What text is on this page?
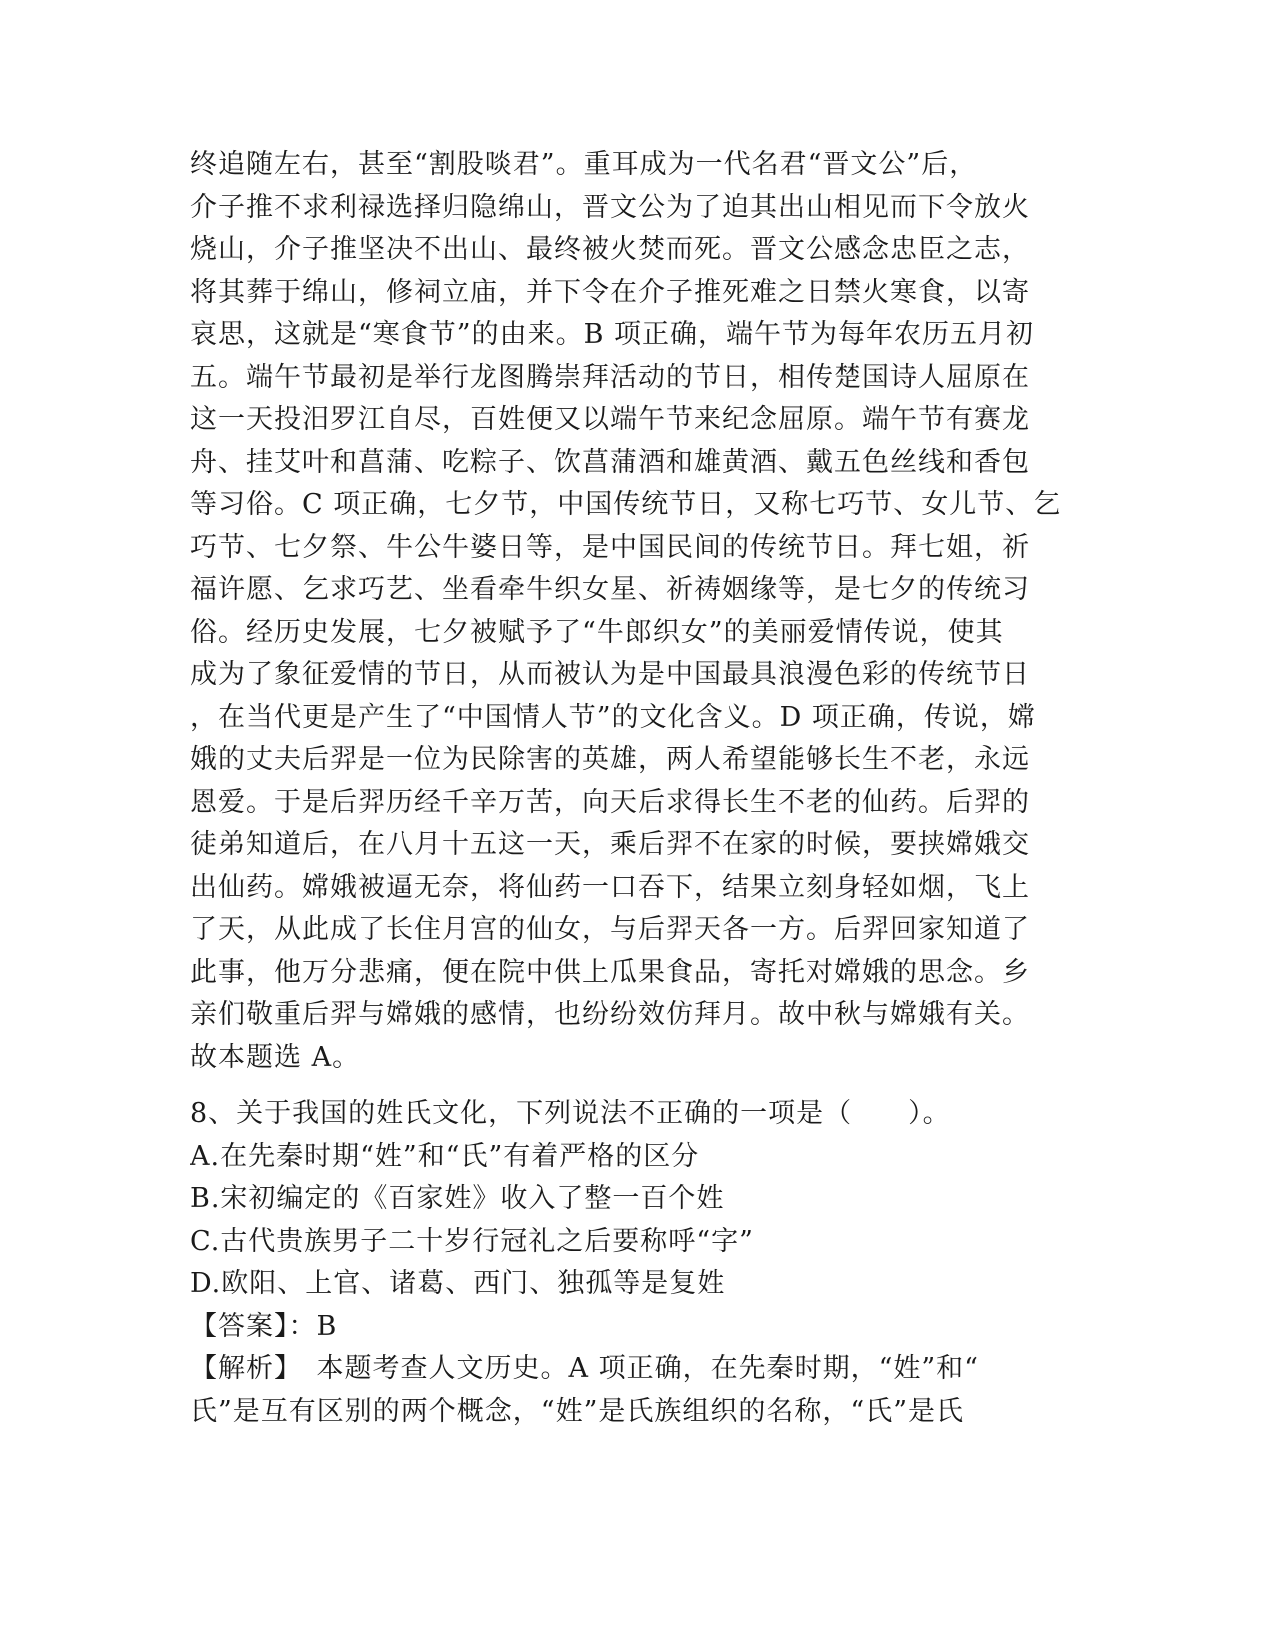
终追随左右，甚至“割股啖君”。重耳成为一代名君“晋文公”后，
介子推不求利禄选择归隐绵山，晋文公为了迫其出山相见而下令放火
烧山，介子推坚决不出山、最终被火焚而死。晋文公感念忠臣之志，
将其葬于绵山，修祠立庙，并下令在介子推死难之日禁火寒食，以寄
哀思，这就是“寒食节”的由来。B 项正确，端午节为每年农历五月初
五。端午节最初是举行龙图腾崇拜活动的节日，相传楚国诗人屈原在
这一天投汨罗江自尽，百姓便又以端午节来纪念屈原。端午节有赛龙
舟、挂艾叶和菖蒲、吃粽子、饮菖蒲酒和雄黄酒、戴五色丝线和香包
等习俗。C 项正确，七夕节，中国传统节日，又称七巧节、女儿节、乞
巧节、七夕祭、牛公牛婆日等，是中国民间的传统节日。拜七姐，祈
福许愿、乞求巧艺、坐看牵牛织女星、祈祷姻缘等，是七夕的传统习
俗。经历史发展，七夕被赋予了“牛郎织女”的美丽爱情传说，使其
成为了象征爱情的节日，从而被认为是中国最具浪漫色彩的传统节日
，在当代更是产生了“中国情人节”的文化含义。D 项正确，传说，嫦
娥的丈夫后羿是一位为民除害的英雄，两人希望能够长生不老，永远
恩爱。于是后羿历经千辛万苦，向天后求得长生不老的仙药。后羿的
徒弟知道后，在八月十五这一天，乘后羿不在家的时候，要挟嫦娥交
出仙药。嫦娥被逼无奈，将仙药一口吞下，结果立刻身轻如烟，飞上
了天，从此成了长住月宫的仙女，与后羿天各一方。后羿回家知道了
此事，他万分悲痛，便在院中供上瓜果食品，寄托对嫦娥的思念。乡
亲们敬重后羿与嫦娥的感情，也纷纷效仿拜月。故中秋与嫦娥有关。
故本题选 A。
8、关于我国的姓氏文化，下列说法不正确的一项是（　　）。
A.在先秦时期“姓”和“氏”有着严格的区分
B.宋初编定的《百家姓》收入了整一百个姓
C.古代贵族男子二十岁行冠礼之后要称呼“字”
D.欧阳、上官、诸葛、西门、独孤等是复姓
【答案】：B
【解析】　本题考查人文历史。A 项正确，在先秦时期，“姓”和“
氏”是互有区别的两个概念，“姓”是氏族组织的名称，“氏”是氏
